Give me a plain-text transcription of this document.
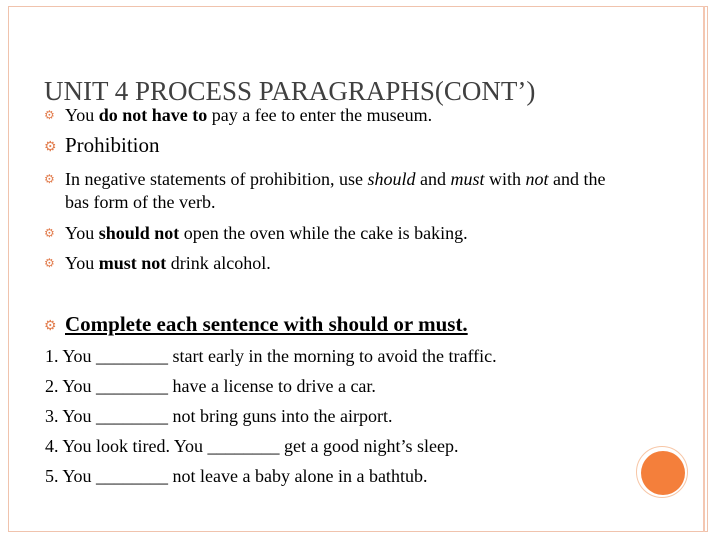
UNIT 4 PROCESS PARAGRAPHS(CONT’)
⚙ You do not have to pay a fee to enter the museum.
⚙ Prohibition
⚙ In negative statements of prohibition, use should and must with not and the
bas form of the verb.
⚙ You should not open the oven while the cake is baking.
⚙ You must not drink alcohol.
⚙ Complete each sentence with should or must.
1. You ________ start early in the morning to avoid the traffic.
2. You ________ have a license to drive a car.
3. You ________ not bring guns into the airport.
4. You look tired. You ________ get a good night’s sleep.
5. You ________ not leave a baby alone in a bathtub.
